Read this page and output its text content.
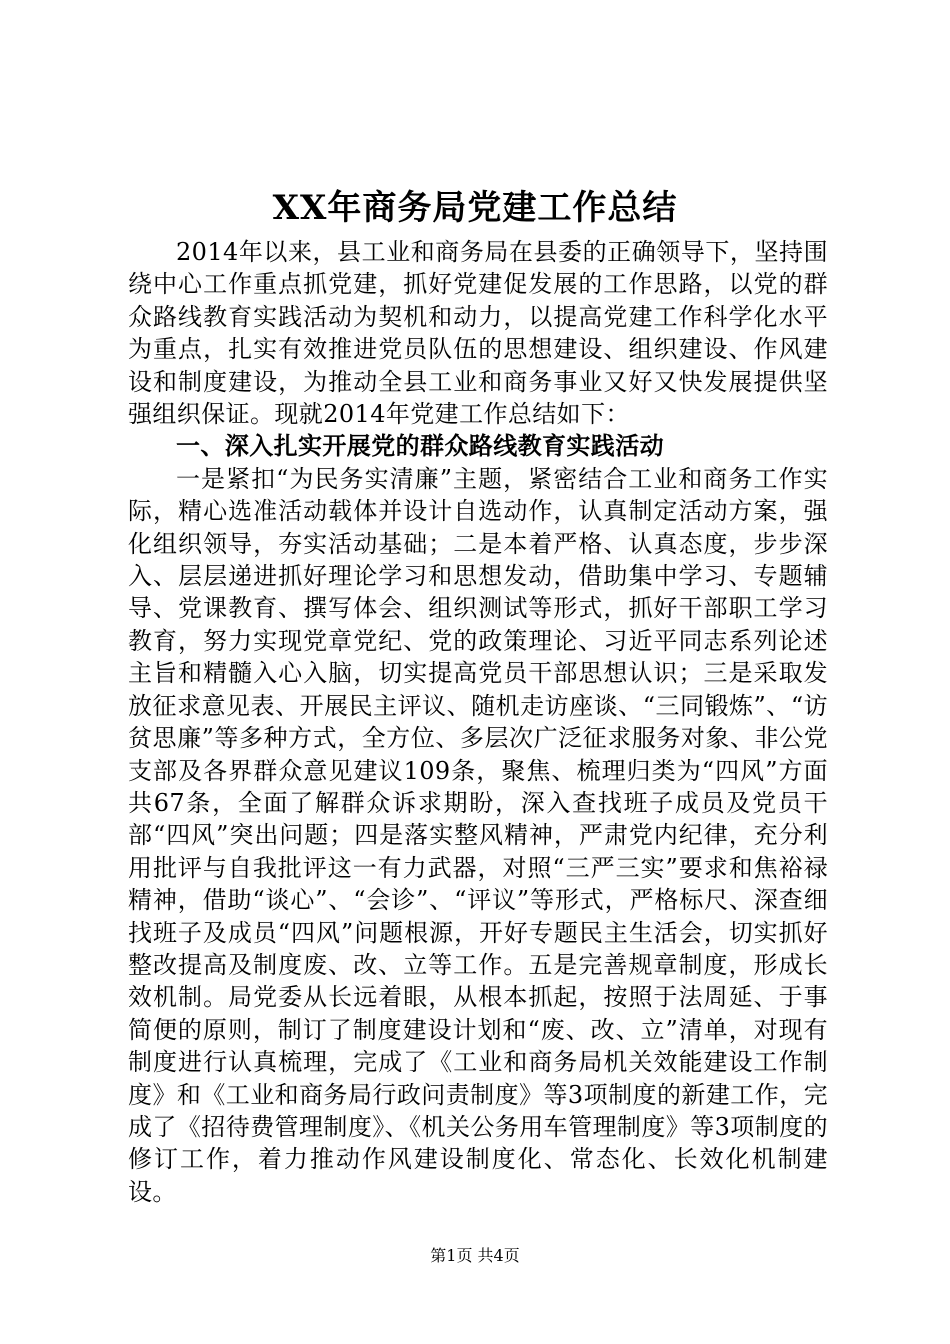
XX年商务局党建工作总结

2014年以来，县工业和商务局在县委的正确领导下，坚持围绕中心工作重点抓党建，抓好党建促发展的工作思路，以党的群众路线教育实践活动为契机和动力，以提高党建工作科学化水平为重点，扎实有效推进党员队伍的思想建设、组织建设、作风建设和制度建设，为推动全县工业和商务事业又好又快发展提供坚强组织保证。现就2014年党建工作总结如下：

一、深入扎实开展党的群众路线教育实践活动

一是紧扣“为民务实清廉”主题，紧密结合工业和商务工作实际，精心选准活动载体并设计自选动作，认真制定活动方案，强化组织领导，夯实活动基础；二是本着严格、认真态度，步步深入、层层递进抓好理论学习和思想发动，借助集中学习、专题辅导、党课教育、撰写体会、组织测试等形式，抓好干部职工学习教育，努力实现党章党纪、党的政策理论、习近平同志系列论述主旨和精髓入心入脑，切实提高党员干部思想认识；三是采取发放征求意见表、开展民主评议、随机走访座谈、“三同锻炼”、“访贫思廉”等多种方式，全方位、多层次广泛征求服务对象、非公党支部及各界群众意见建议109条，聚焦、梳理归类为“四风”方面共67条，全面了解群众诉求期盼，深入查找班子成员及党员干部“四风”突出问题；四是落实整风精神，严肃党内纪律，充分利用批评与自我批评这一有力武器，对照“三严三实”要求和焦裕禄精神，借助“谈心”、“会诊”、“评议”等形式，严格标尺、深查细找班子及成员“四风”问题根源，开好专题民主生活会，切实抓好整改提高及制度废、改、立等工作。五是完善规章制度，形成长效机制。局党委从长远着眼，从根本抓起，按照于法周延、于事简便的原则，制订了制度建设计划和“废、改、立”清单，对现有制度进行认真梳理，完成了《工业和商务局机关效能建设工作制度》和《工业和商务局行政问责制度》等3项制度的新建工作，完成了《招待费管理制度》、《机关公务用车管理制度》等3项制度的修订工作，着力推动作风建设制度化、常态化、长效化机制建设。

第1页 共4页
